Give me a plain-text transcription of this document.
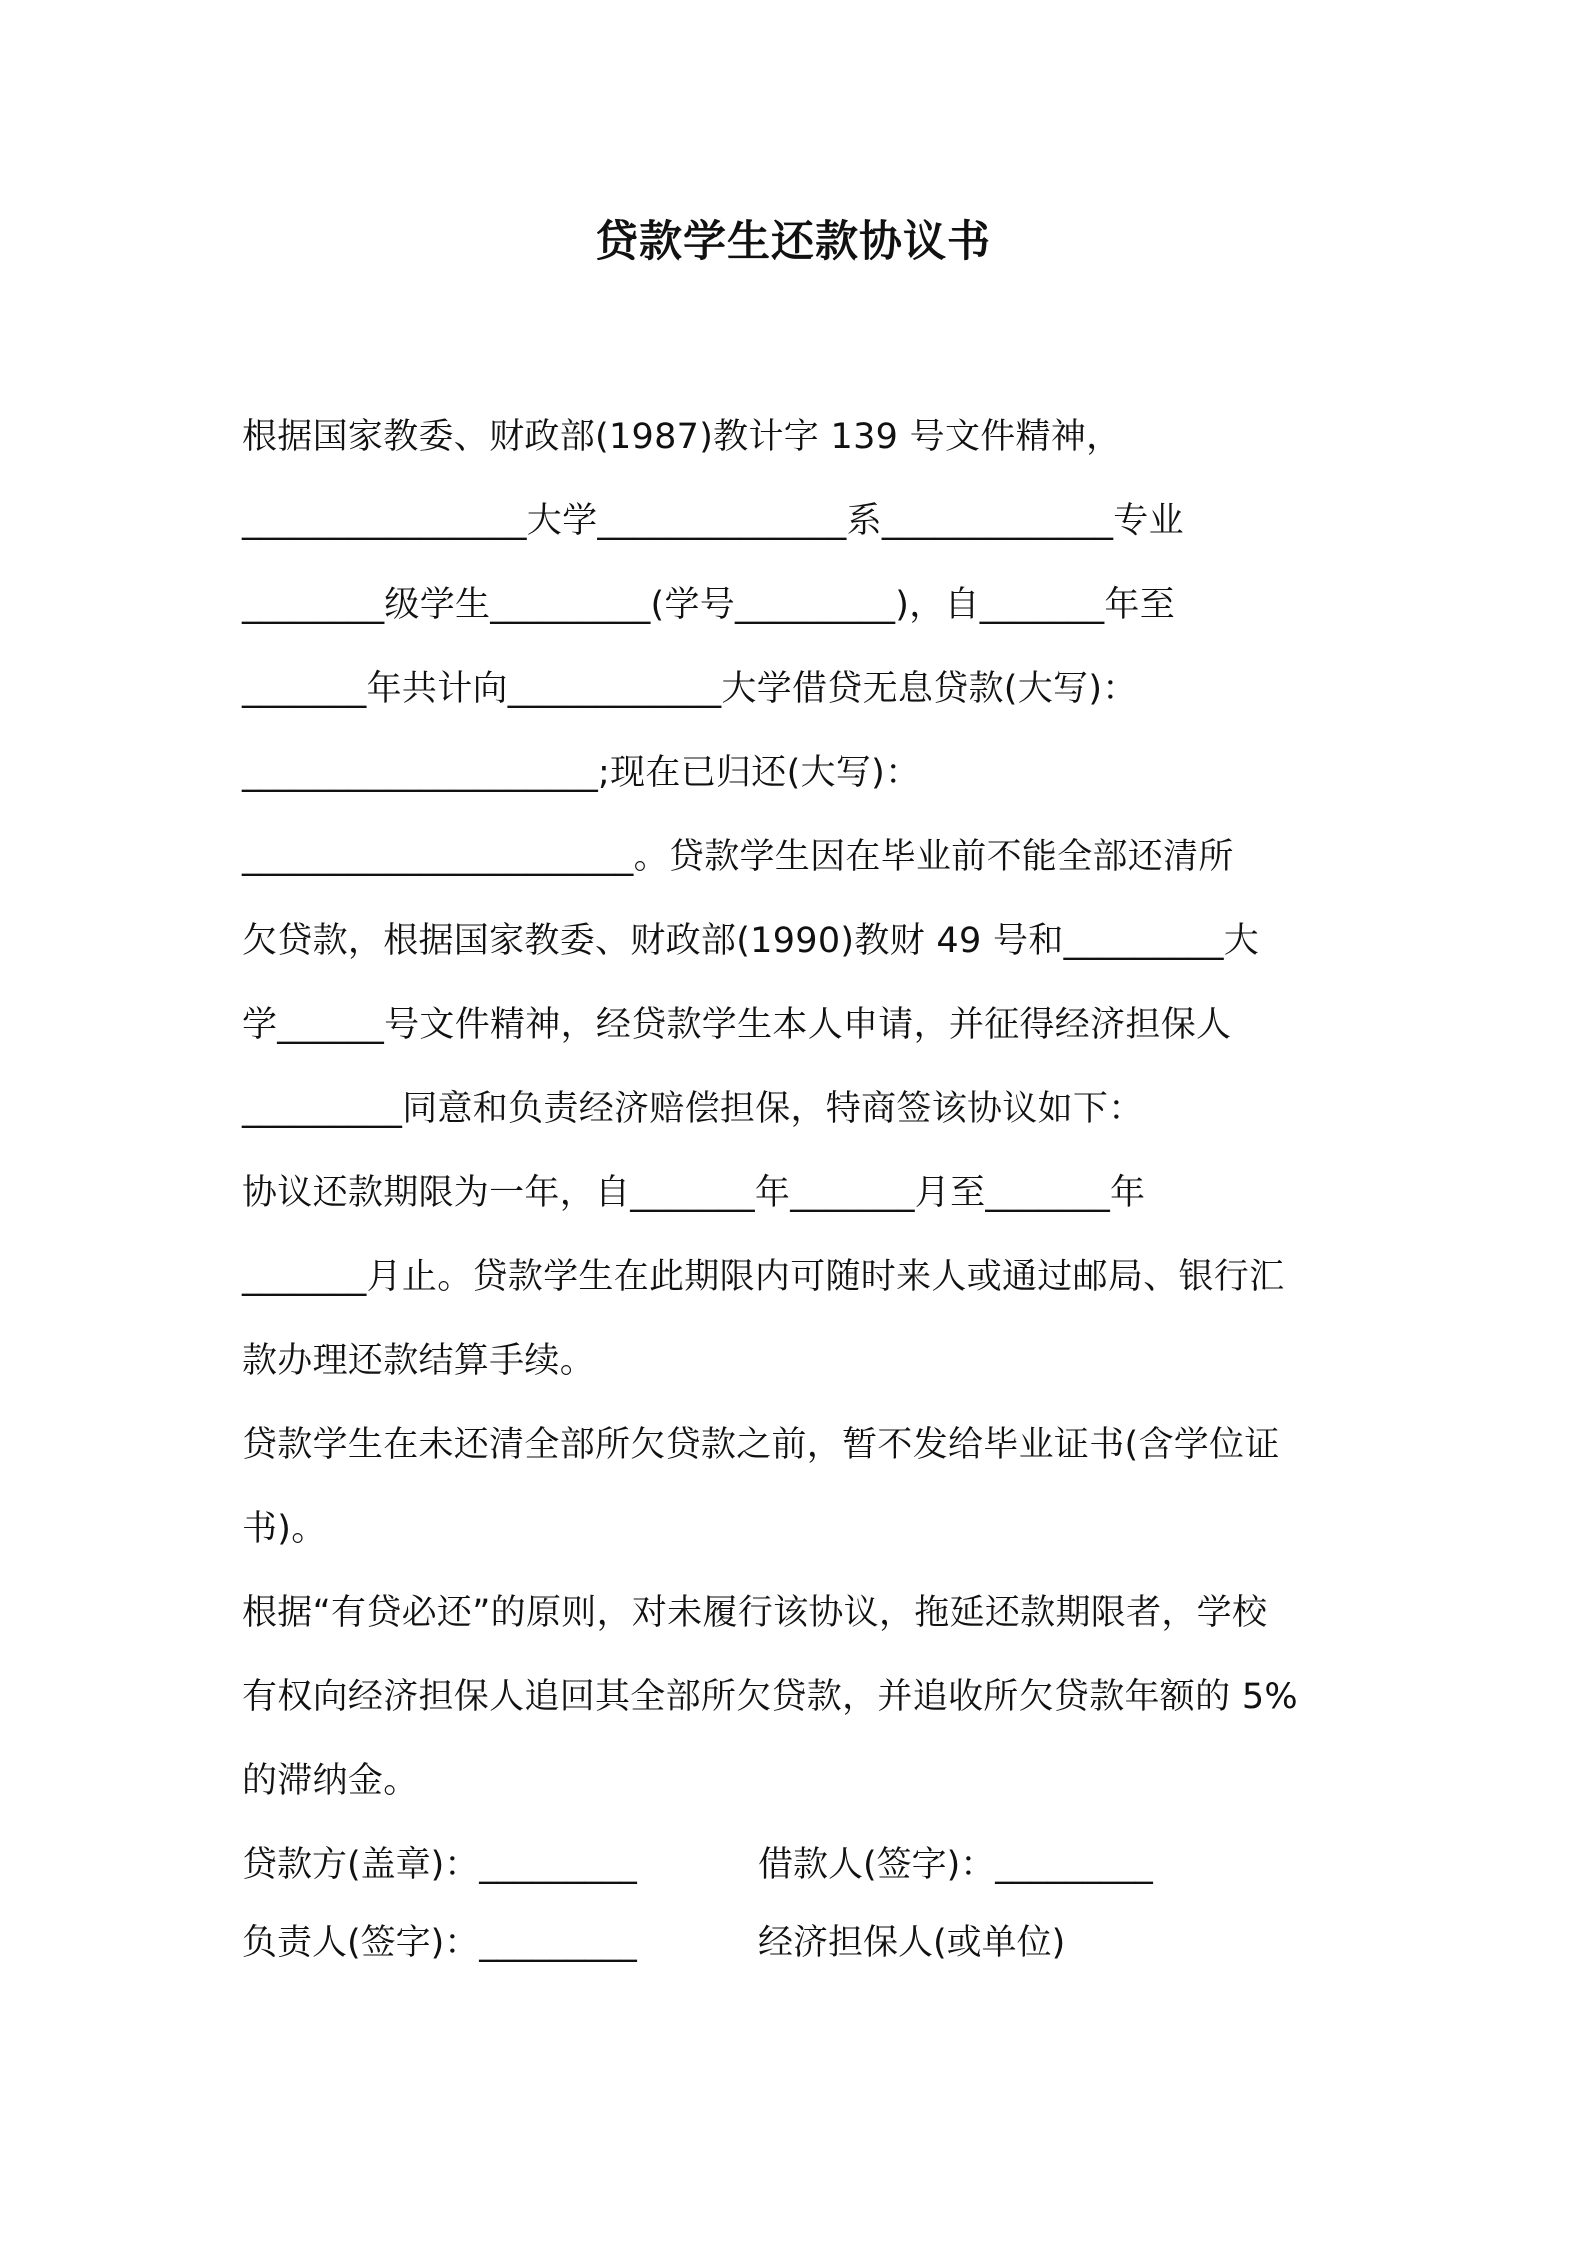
贷款学生还款协议书
根据国家教委、财政部(1987)教计字 139 号文件精神，
________________大学______________系_____________专业
________级学生_________(学号_________)，自_______年至
_______年共计向____________大学借贷无息贷款(大写)：
____________________;现在已归还(大写)：
______________________。贷款学生因在毕业前不能全部还清所
欠贷款，根据国家教委、财政部(1990)教财 49 号和_________大
学______号文件精神，经贷款学生本人申请，并征得经济担保人
_________同意和负责经济赔偿担保，特商签该协议如下：
协议还款期限为一年，自_______年_______月至_______年
_______月止。贷款学生在此期限内可随时来人或通过邮局、银行汇
款办理还款结算手续。
贷款学生在未还清全部所欠贷款之前，暂不发给毕业证书(含学位证
书)。
根据“有贷必还”的原则，对未履行该协议，拖延还款期限者，学校
有权向经济担保人追回其全部所欠贷款，并追收所欠贷款年额的 5%
的滞纳金。
贷款方(盖章)：_________	借款人(签字)：_________
负责人(签字)：_________	经济担保人(或单位)
